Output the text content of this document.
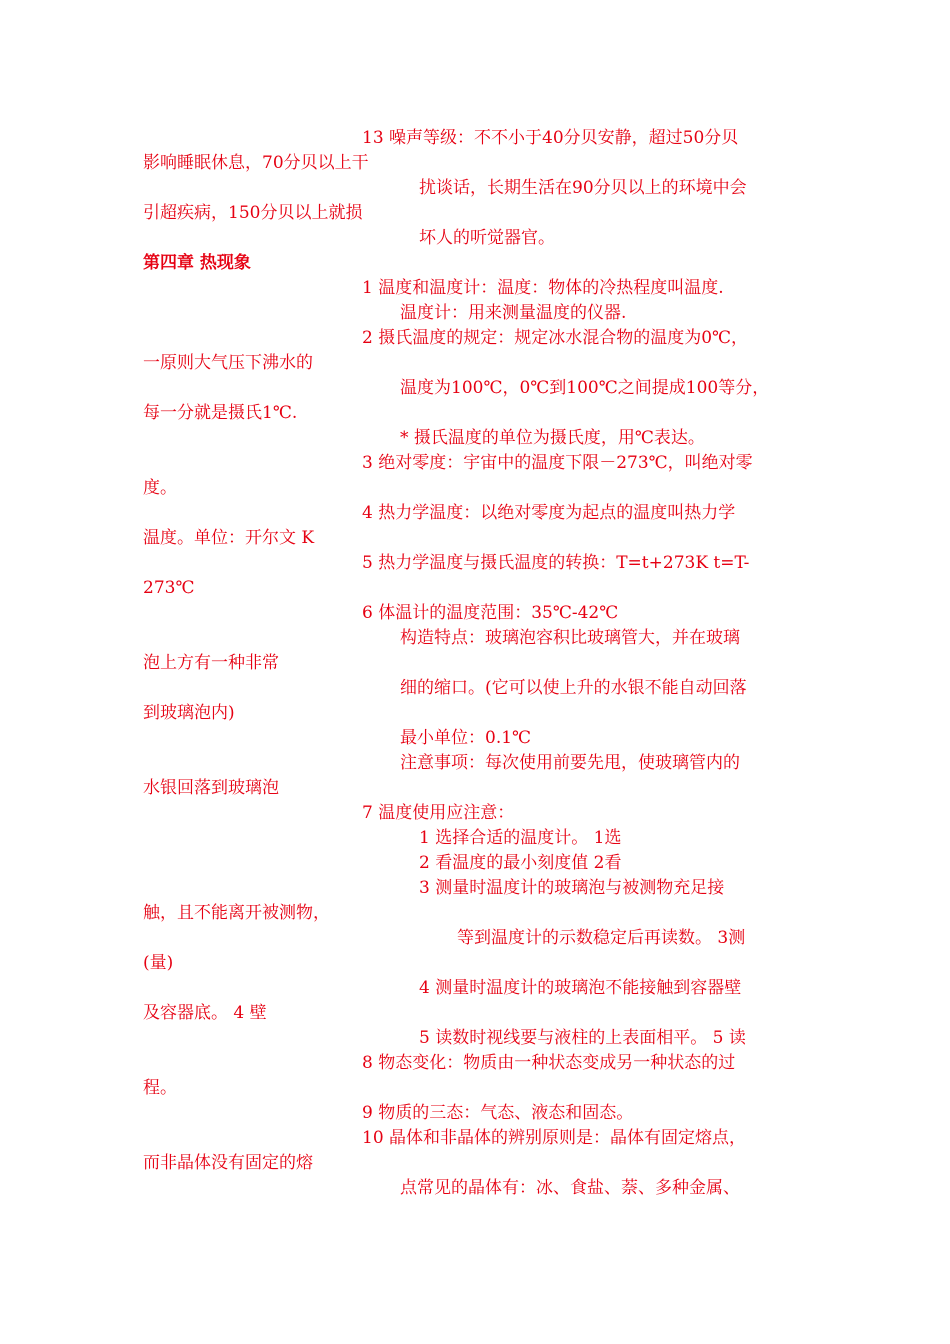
13 噪声等级：不不小于40分贝安静，超过50分贝

影响睡眠休息，70分贝以上干

扰谈话，长期生活在90分贝以上的环境中会

引超疾病，150分贝以上就损

坏人的听觉器官。

第四章 热现象

1 温度和温度计：温度：物体的冷热程度叫温度.

温度计：用来测量温度的仪器.

2 摄氏温度的规定：规定冰水混合物的温度为0℃，

一原则大气压下沸水的

温度为100℃，0℃到100℃之间提成100等分，

每一分就是摄氏1℃.

* 摄氏温度的单位为摄氏度，用℃表达。

3 绝对零度：宇宙中的温度下限－273℃，叫绝对零

度。

4 热力学温度：以绝对零度为起点的温度叫热力学

温度。单位：开尔文 K

5 热力学温度与摄氏温度的转换：T=t+273K t=T-

273℃

6 体温计的温度范围：35℃-42℃

构造特点：玻璃泡容积比玻璃管大，并在玻璃

泡上方有一种非常

细的缩口。(它可以使上升的水银不能自动回落

到玻璃泡内)

最小单位：0.1℃

注意事项：每次使用前要先甩，使玻璃管内的

水银回落到玻璃泡

7 温度使用应注意：

1 选择合适的温度计。 1选

2 看温度的最小刻度值 2看

3 测量时温度计的玻璃泡与被测物充足接

触，且不能离开被测物，

等到温度计的示数稳定后再读数。 3测

(量)

4 测量时温度计的玻璃泡不能接触到容器壁

及容器底。 4 壁

5 读数时视线要与液柱的上表面相平。 5 读

8 物态变化：物质由一种状态变成另一种状态的过

程。

9 物质的三态：气态、液态和固态。

10 晶体和非晶体的辨别原则是：晶体有固定熔点，

而非晶体没有固定的熔

点常见的晶体有：冰、食盐、萘、多种金属、
